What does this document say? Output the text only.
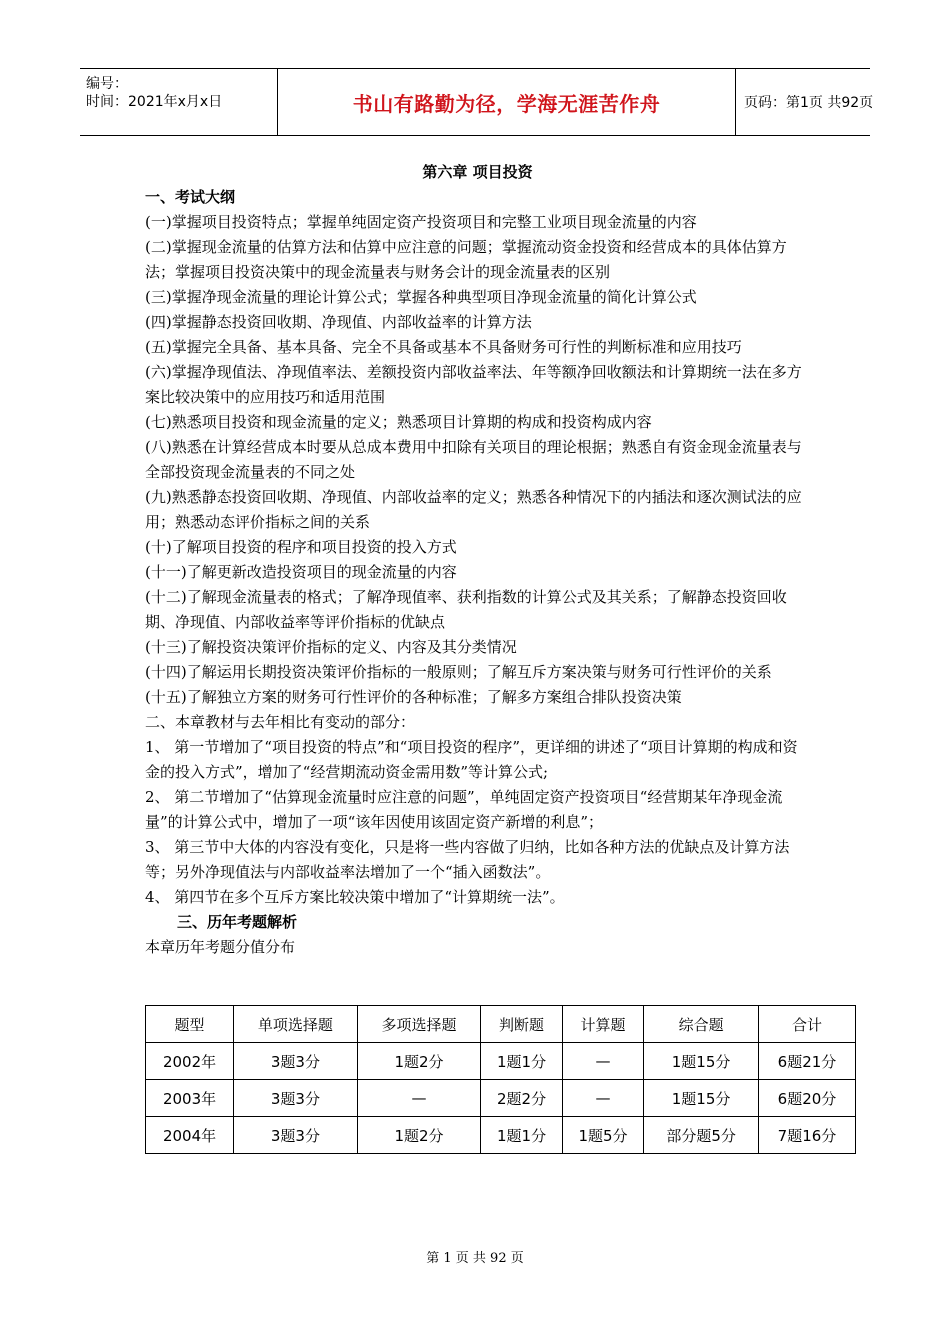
编号：
时间：2021年x月x日	书山有路勤为径，学海无涯苦作舟	页码：第1页 共92页

第六章 项目投资

一、考试大纲

(一)掌握项目投资特点；掌握单纯固定资产投资项目和完整工业项目现金流量的内容

(二)掌握现金流量的估算方法和估算中应注意的问题；掌握流动资金投资和经营成本的具体估算方法；掌握项目投资决策中的现金流量表与财务会计的现金流量表的区别

(三)掌握净现金流量的理论计算公式；掌握各种典型项目净现金流量的简化计算公式

(四)掌握静态投资回收期、净现值、内部收益率的计算方法

(五)掌握完全具备、基本具备、完全不具备或基本不具备财务可行性的判断标准和应用技巧

(六)掌握净现值法、净现值率法、差额投资内部收益率法、年等额净回收额法和计算期统一法在多方案比较决策中的应用技巧和适用范围

(七)熟悉项目投资和现金流量的定义；熟悉项目计算期的构成和投资构成内容

(八)熟悉在计算经营成本时要从总成本费用中扣除有关项目的理论根据；熟悉自有资金现金流量表与全部投资现金流量表的不同之处

(九)熟悉静态投资回收期、净现值、内部收益率的定义；熟悉各种情况下的内插法和逐次测试法的应用；熟悉动态评价指标之间的关系

(十)了解项目投资的程序和项目投资的投入方式

(十一)了解更新改造投资项目的现金流量的内容

(十二)了解现金流量表的格式；了解净现值率、获利指数的计算公式及其关系；了解静态投资回收期、净现值、内部收益率等评价指标的优缺点

(十三)了解投资决策评价指标的定义、内容及其分类情况

(十四)了解运用长期投资决策评价指标的一般原则；了解互斥方案决策与财务可行性评价的关系

(十五)了解独立方案的财务可行性评价的各种标准；了解多方案组合排队投资决策

二、本章教材与去年相比有变动的部分：

1、 第一节增加了“项目投资的特点”和“项目投资的程序”，更详细的讲述了“项目计算期的构成和资金的投入方式”，增加了“经营期流动资金需用数”等计算公式;

2、 第二节增加了“估算现金流量时应注意的问题”，单纯固定资产投资项目“经营期某年净现金流量”的计算公式中，增加了一项“该年因使用该固定资产新增的利息”；

3、 第三节中大体的内容没有变化，只是将一些内容做了归纳，比如各种方法的优缺点及计算方法等；另外净现值法与内部收益率法增加了一个“插入函数法”。

4、 第四节在多个互斥方案比较决策中增加了“计算期统一法”。

三、历年考题解析

本章历年考题分值分布

题型	单项选择题	多项选择题	判断题	计算题	综合题	合计
2002年	3题3分	1题2分	1题1分	—	1题15分	6题21分
2003年	3题3分	—	2题2分	—	1题15分	6题20分
2004年	3题3分	1题2分	1题1分	1题5分	部分题5分	7题16分
第 1 页 共 92 页
